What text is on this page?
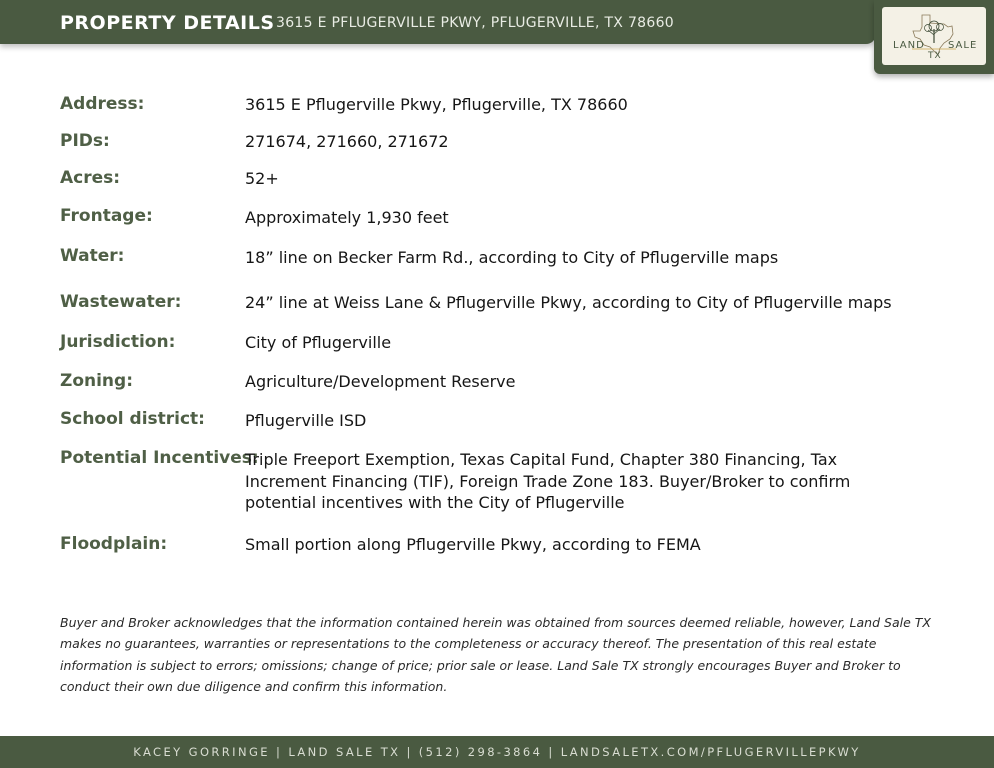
PROPERTY DETAILS 3615 E PFLUGERVILLE PKWY, PFLUGERVILLE, TX 78660
LAND SALE
TX
Address:	3615 E Pflugerville Pkwy, Pflugerville, TX 78660
PIDs:	271674, 271660, 271672
Acres:	52+
Frontage:	Approximately 1,930 feet
Water:	18” line on Becker Farm Rd., according to City of Pflugerville maps
Wastewater:	24” line at Weiss Lane & Pflugerville Pkwy, according to City of Pflugerville maps
Jurisdiction:	City of Pflugerville
Zoning:	Agriculture/Development Reserve
School district:	Pflugerville ISD
Potential Incentives:
Triple Freeport Exemption, Texas Capital Fund, Chapter 380 Financing, Tax Increment Financing (TIF), Foreign Trade Zone 183. Buyer/Broker to confirm potential incentives with the City of Pflugerville
Floodplain:	Small portion along Pflugerville Pkwy, according to FEMA
Buyer and Broker acknowledges that the information contained herein was obtained from sources deemed reliable, however, Land Sale TX makes no guarantees, warranties or representations to the completeness or accuracy thereof. The presentation of this real estate information is subject to errors; omissions; change of price; prior sale or lease. Land Sale TX strongly encourages Buyer and Broker to conduct their own due diligence and confirm this information.
KACEY GORRINGE | LAND SALE TX | (512) 298-3864 | LANDSALETX.COM/PFLUGERVILLEPKWY
